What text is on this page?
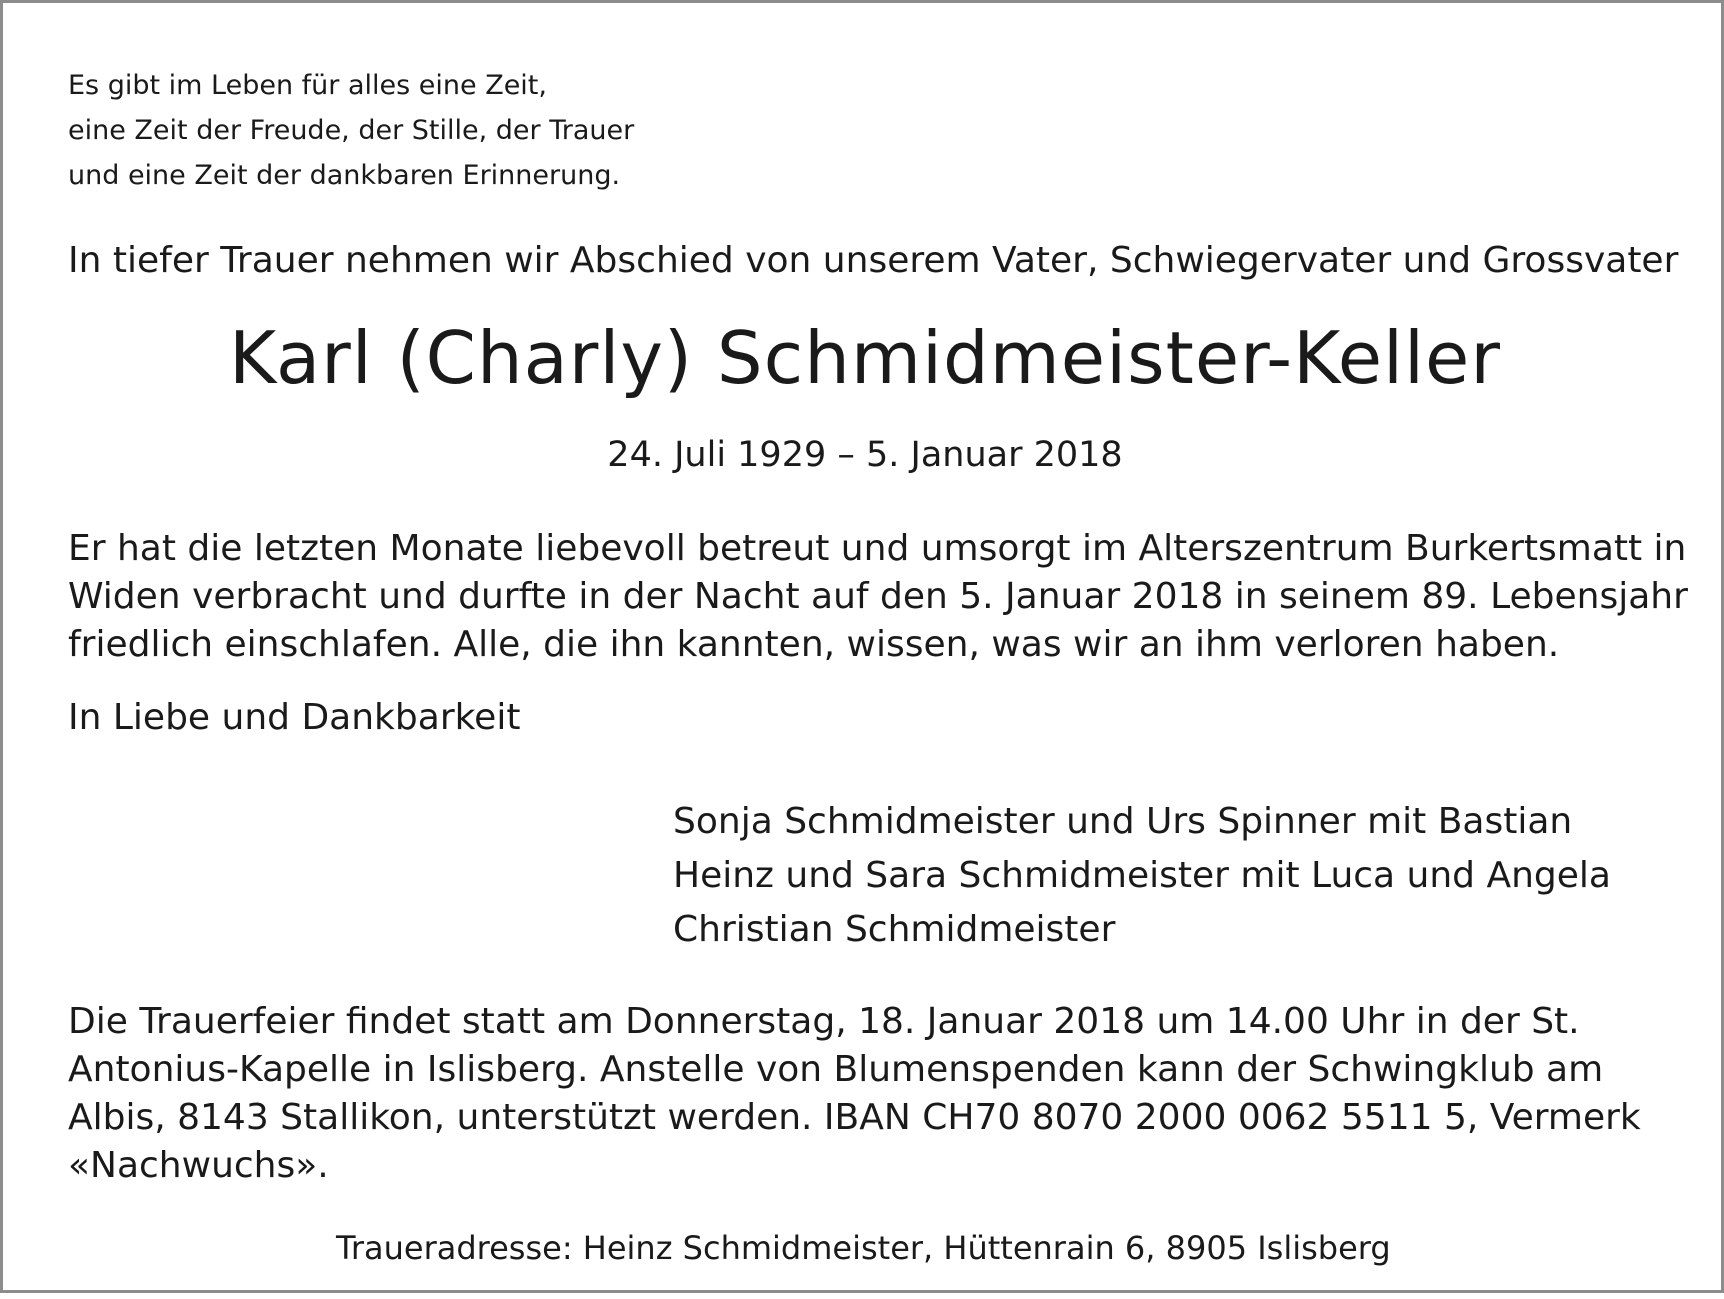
Es gibt im Leben für alles eine Zeit,
eine Zeit der Freude, der Stille, der Trauer
und eine Zeit der dankbaren Erinnerung.
In tiefer Trauer nehmen wir Abschied von unserem Vater, Schwiegervater und Grossvater
Karl (Charly) Schmidmeister-Keller
24. Juli 1929 – 5. Januar 2018
Er hat die letzten Monate liebevoll betreut und umsorgt im Alterszentrum Burkertsmatt in
Widen verbracht und durfte in der Nacht auf den 5. Januar 2018 in seinem 89. Lebensjahr
friedlich einschlafen. Alle, die ihn kannten, wissen, was wir an ihm verloren haben.
In Liebe und Dankbarkeit
Sonja Schmidmeister und Urs Spinner mit Bastian
Heinz und Sara Schmidmeister mit Luca und Angela
Christian Schmidmeister
Die Trauerfeier findet statt am Donnerstag, 18. Januar 2018 um 14.00 Uhr in der St.
Antonius-Kapelle in Islisberg. Anstelle von Blumenspenden kann der Schwingklub am
Albis, 8143 Stallikon, unterstützt werden. IBAN CH70 8070 2000 0062 5511 5, Vermerk
«Nachwuchs».
Traueradresse: Heinz Schmidmeister, Hüttenrain 6, 8905 Islisberg
